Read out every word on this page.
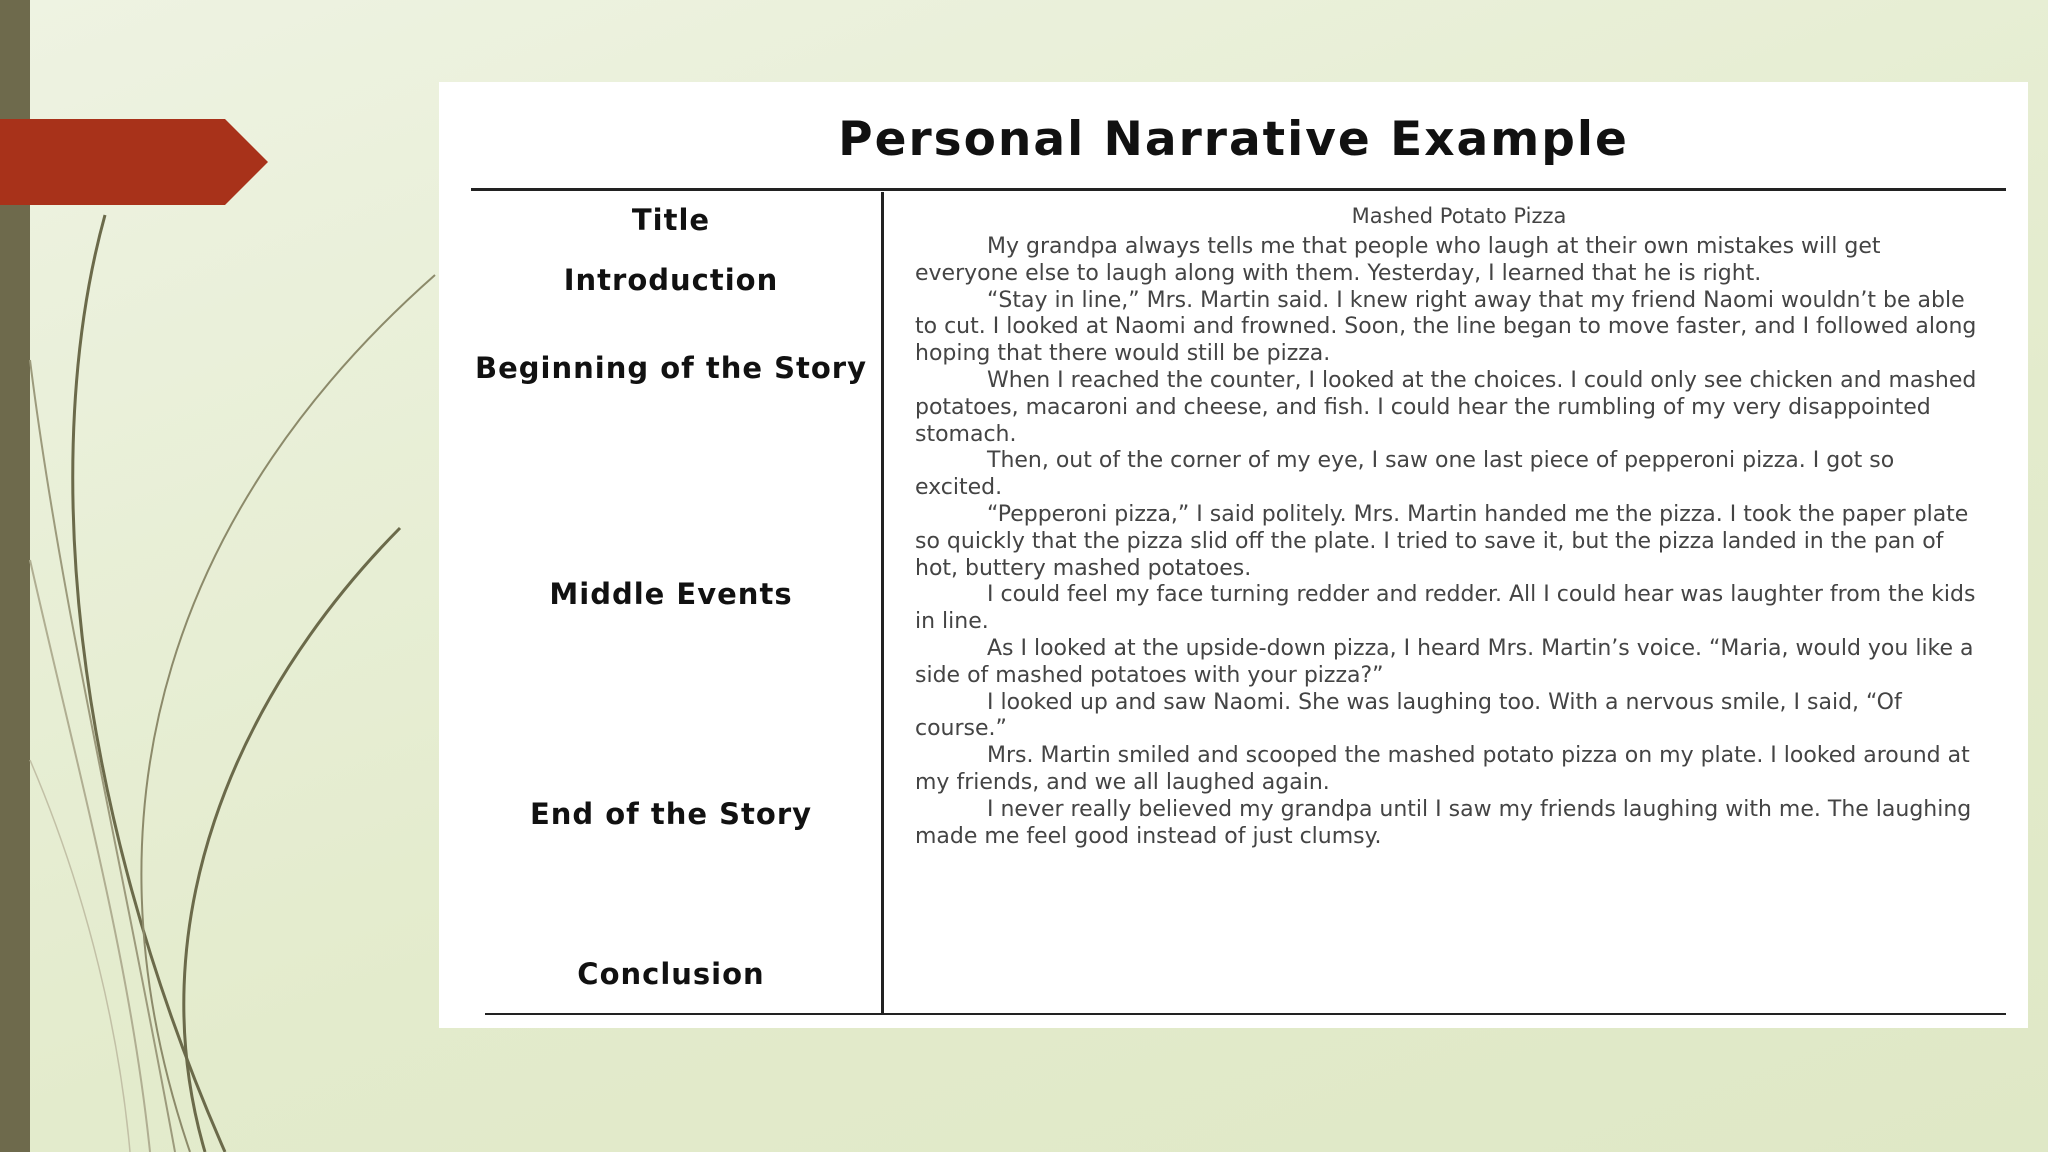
Personal Narrative Example
Title
Introduction
Beginning of the Story
Middle Events
End of the Story
Conclusion
Mashed Potato Pizza

My grandpa always tells me that people who laugh at their own mistakes will get everyone else to laugh along with them. Yesterday, I learned that he is right.

“Stay in line,” Mrs. Martin said. I knew right away that my friend Naomi wouldn’t be able to cut. I looked at Naomi and frowned. Soon, the line began to move faster, and I followed along hoping that there would still be pizza.

When I reached the counter, I looked at the choices. I could only see chicken and mashed potatoes, macaroni and cheese, and fish. I could hear the rumbling of my very disappointed stomach.

Then, out of the corner of my eye, I saw one last piece of pepperoni pizza. I got so excited.

“Pepperoni pizza,” I said politely. Mrs. Martin handed me the pizza. I took the paper plate so quickly that the pizza slid off the plate. I tried to save it, but the pizza landed in the pan of hot, buttery mashed potatoes.

I could feel my face turning redder and redder. All I could hear was laughter from the kids in line.

As I looked at the upside-down pizza, I heard Mrs. Martin’s voice. “Maria, would you like a side of mashed potatoes with your pizza?”

I looked up and saw Naomi. She was laughing too. With a nervous smile, I said, “Of course.”

Mrs. Martin smiled and scooped the mashed potato pizza on my plate. I looked around at my friends, and we all laughed again.

I never really believed my grandpa until I saw my friends laughing with me. The laughing made me feel good instead of just clumsy.
